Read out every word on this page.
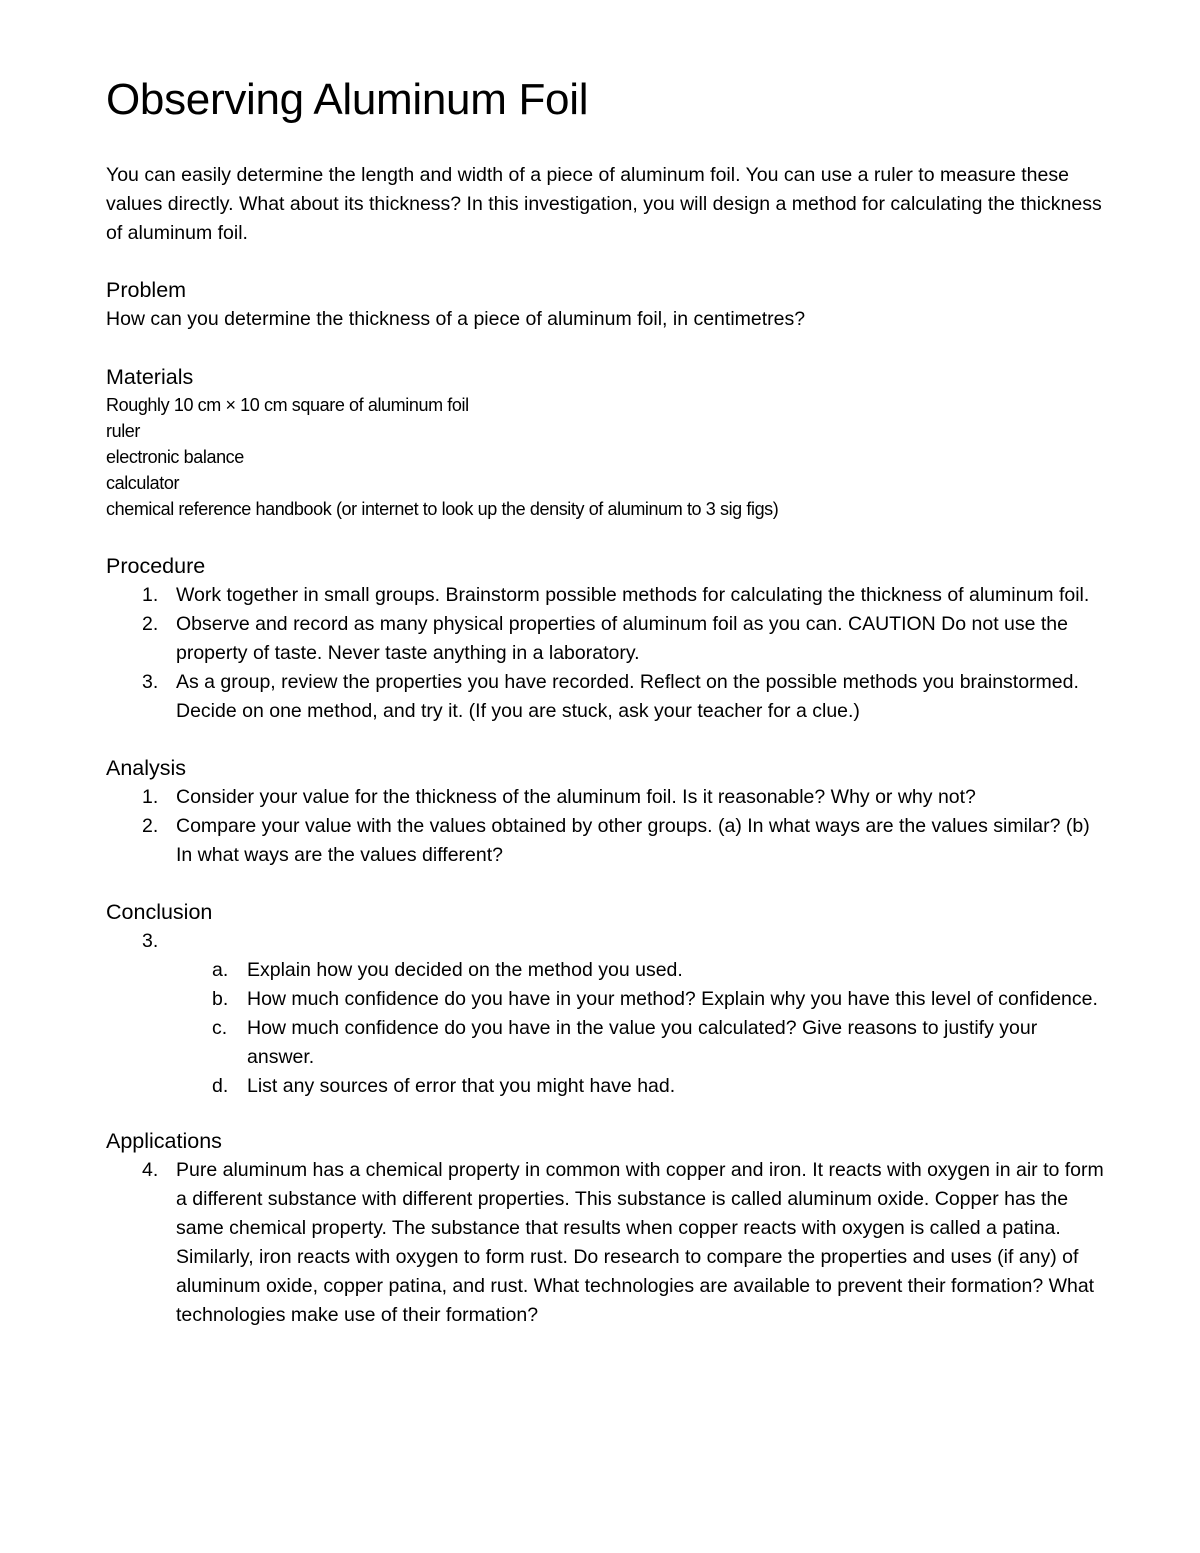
Observing Aluminum Foil

You can easily determine the length and width of a piece of aluminum foil. You can use a ruler to measure these values directly. What about its thickness? In this investigation, you will design a method for calculating the thickness of aluminum foil.

Problem

How can you determine the thickness of a piece of aluminum foil, in centimetres?

Materials
Roughly 10 cm × 10 cm square of aluminum foil
ruler
electronic balance
calculator
chemical reference handbook (or internet to look up the density of aluminum to 3 sig figs)
Procedure
1. Work together in small groups. Brainstorm possible methods for calculating the thickness of aluminum foil.
2. Observe and record as many physical properties of aluminum foil as you can. CAUTION Do not use the property of taste. Never taste anything in a laboratory.
3. As a group, review the properties you have recorded. Reflect on the possible methods you brainstormed. Decide on one method, and try it. (If you are stuck, ask your teacher for a clue.)
Analysis
1. Consider your value for the thickness of the aluminum foil. Is it reasonable? Why or why not?
2. Compare your value with the values obtained by other groups. (a) In what ways are the values similar? (b) In what ways are the values different?
Conclusion
3.
a. Explain how you decided on the method you used.
b. How much confidence do you have in your method? Explain why you have this level of confidence.
c. How much confidence do you have in the value you calculated? Give reasons to justify your answer.
d. List any sources of error that you might have had.
Applications
4. Pure aluminum has a chemical property in common with copper and iron. It reacts with oxygen in air to form a different substance with different properties. This substance is called aluminum oxide. Copper has the same chemical property. The substance that results when copper reacts with oxygen is called a patina. Similarly, iron reacts with oxygen to form rust. Do research to compare the properties and uses (if any) of aluminum oxide, copper patina, and rust. What technologies are available to prevent their formation? What technologies make use of their formation?
